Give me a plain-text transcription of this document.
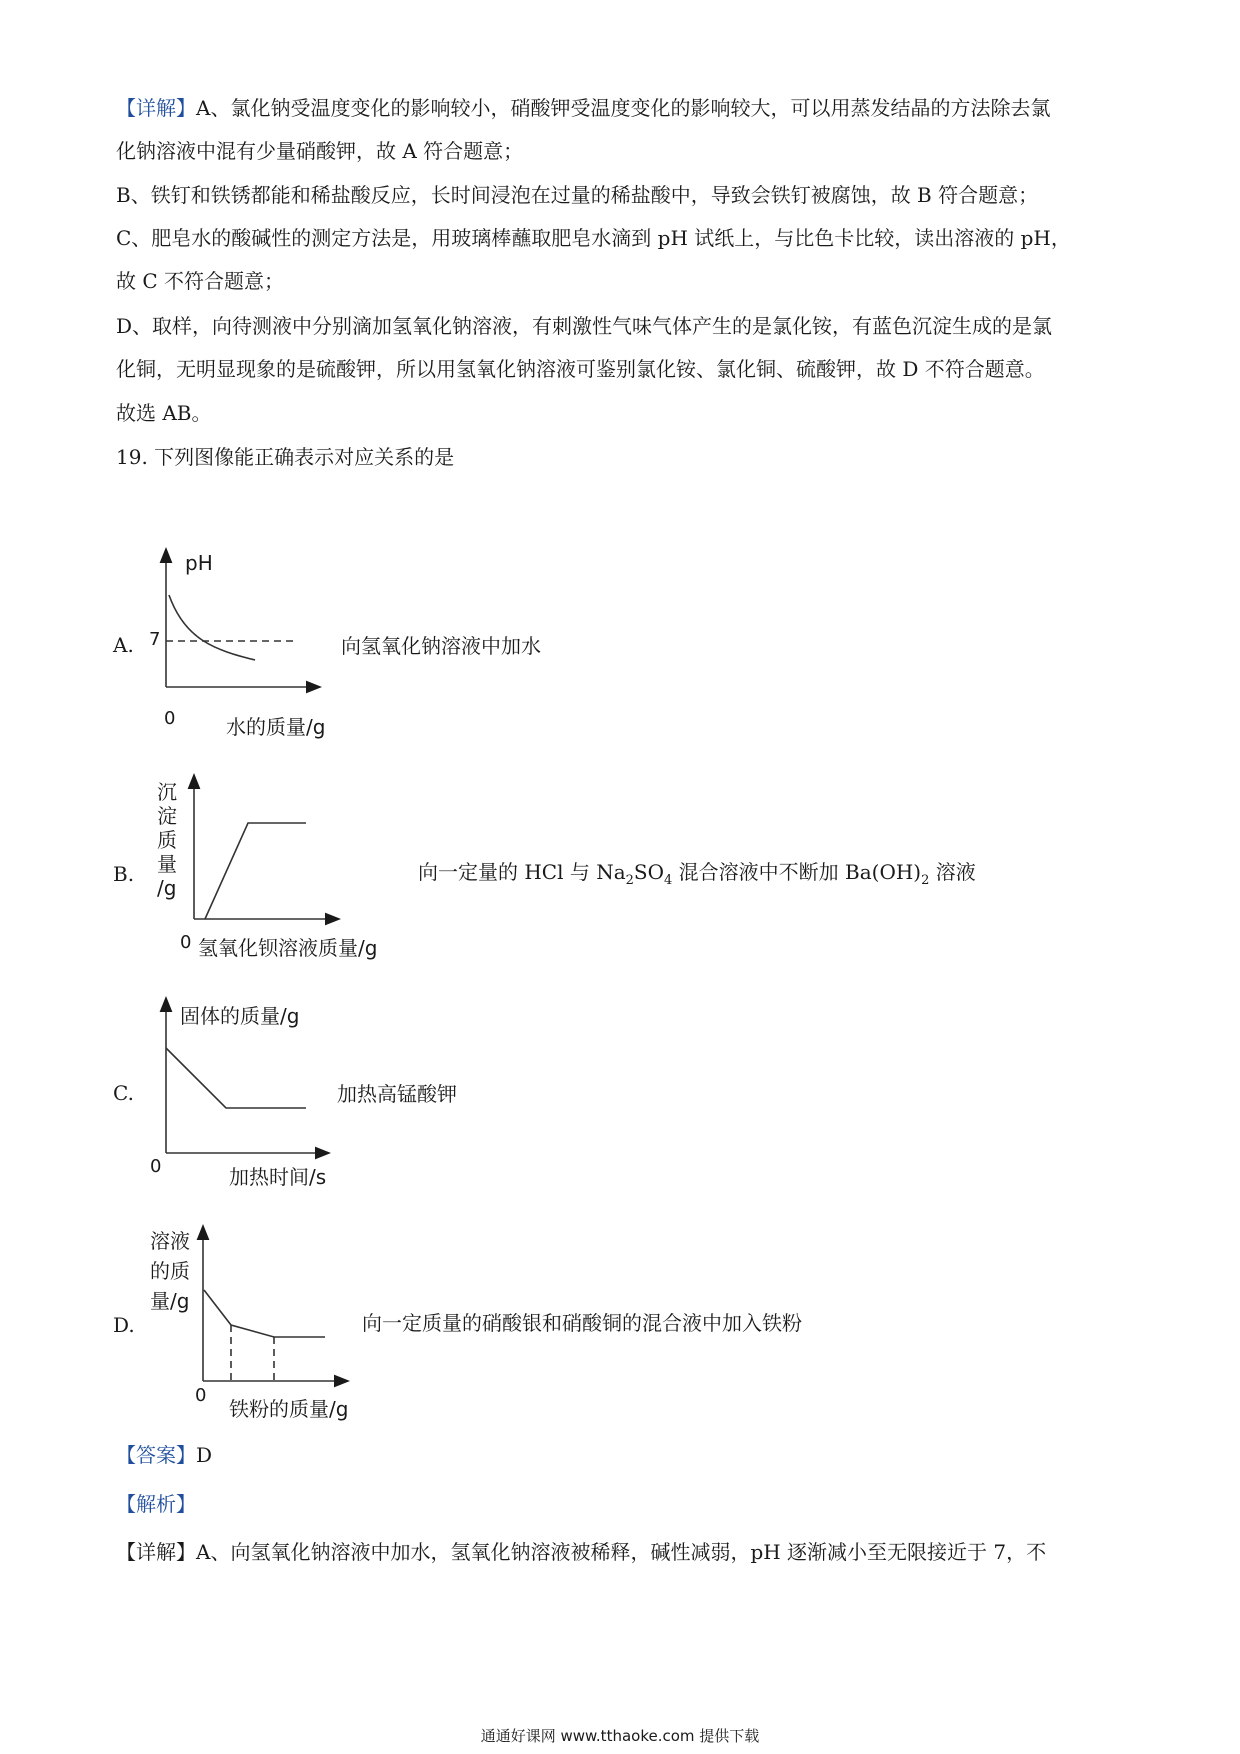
【详解】A、氯化钠受温度变化的影响较小，硝酸钾受温度变化的影响较大，可以用蒸发结晶的方法除去氯
化钠溶液中混有少量硝酸钾，故 A 符合题意；
B、铁钉和铁锈都能和稀盐酸反应，长时间浸泡在过量的稀盐酸中，导致会铁钉被腐蚀，故 B 符合题意；
C、肥皂水的酸碱性的测定方法是，用玻璃棒蘸取肥皂水滴到 pH 试纸上，与比色卡比较，读出溶液的 pH，
故 C 不符合题意；
D、取样，向待测液中分别滴加氢氧化钠溶液，有刺激性气味气体产生的是氯化铵，有蓝色沉淀生成的是氯
化铜，无明显现象的是硫酸钾，所以用氢氧化钠溶液可鉴别氯化铵、氯化铜、硫酸钾，故 D 不符合题意。
故选 AB。
19. 下列图像能正确表示对应关系的是
A.
pH
7
0	水的质量/g
向氢氧化钠溶液中加水
B.
沉
淀
质
量
/g
0 氢氧化钡溶液质量/g
向一定量的 HCl 与 $Na_2SO_4$ 混合溶液中不断加 $Ba(OH)_2$ 溶液
C.
固体的质量/g
0	加热时间/s
加热高锰酸钾
D.
溶液
的质
量/g
0
铁粉的质量/g
向一定质量的硝酸银和硝酸铜的混合液中加入铁粉
【答案】D
【解析】
【详解】A、向氢氧化钠溶液中加水，氢氧化钠溶液被稀释，碱性减弱，pH 逐渐减小至无限接近于 7，不
通通好课网 www.tthaoke.com 提供下载
